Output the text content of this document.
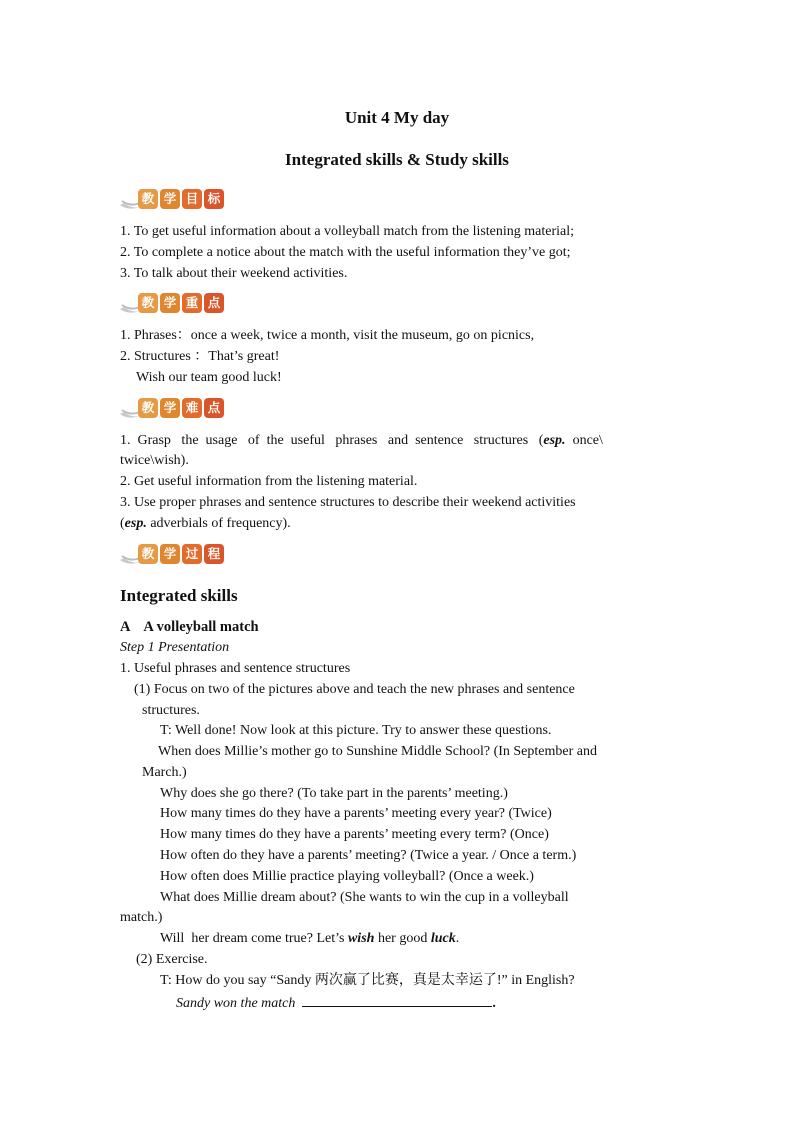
Unit 4 My day
Integrated skills & Study skills
教 学 目 标
1. To get useful information about a volleyball match from the listening material;
2. To complete a notice about the match with the useful information they’ve got;
3. To talk about their weekend activities.
教 学 重 点
1. Phrases：once a week, twice a month, visit the museum, go on picnics,
2. Structures ：That’s great!
Wish our team good luck!
教 学 难 点
1.  Grasp   the  usage   of  the  useful   phrases   and  sentence   structures   (esp.  once\
twice\wish).
2. Get useful information from the listening material.
3. Use proper phrases and sentence structures to describe their weekend activities
(esp. adverbials of frequency).
教 学 过 程
Integrated skills
A    A volleyball match
Step 1 Presentation
1. Useful phrases and sentence structures
(1) Focus on two of the pictures above and teach the new phrases and sentence
structures.
T: Well done! Now look at this picture. Try to answer these questions.
When does Millie’s mother go to Sunshine Middle School? (In September and
March.)
Why does she go there? (To take part in the parents’ meeting.)
How many times do they have a parents’ meeting every year? (Twice)
How many times do they have a parents’ meeting every term? (Once)
How often do they have a parents’ meeting? (Twice a year. / Once a term.)
How often does Millie practice playing volleyball? (Once a week.)
What does Millie dream about? (She wants to win the cup in a volleyball
match.)
Will  her dream come true? Let’s wish her good luck.
(2) Exercise.
T: How do you say “Sandy 两次赢了比赛，真是太幸运了!” in English?
Sandy won the match	.
